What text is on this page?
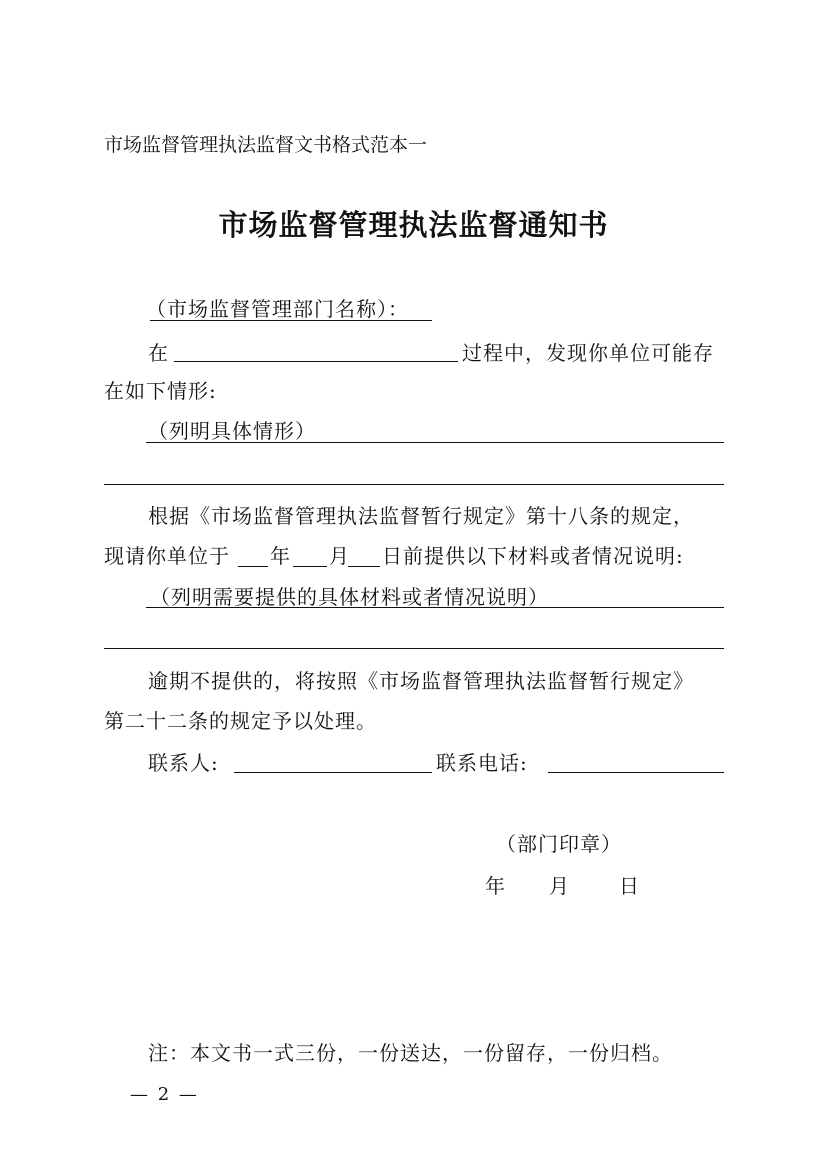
市场监督管理执法监督文书格式范本一
市场监督管理执法监督通知书
（市场监督管理部门名称）：
在	过程中，发现你单位可能存
在如下情形:
（列明具体情形）
根据《市场监督管理执法监督暂行规定》第十八条的规定，
现请你单位于 年 月 日前提供以下材料或者情况说明:
（列明需要提供的具体材料或者情况说明）
逾期不提供的，将按照《市场监督管理执法监督暂行规定》
第二十二条的规定予以处理。
联系人:	联系电话:
（部门印章）
年 月 日
注：本文书一式三份，一份送达，一份留存，一份归档。
— 2 —
